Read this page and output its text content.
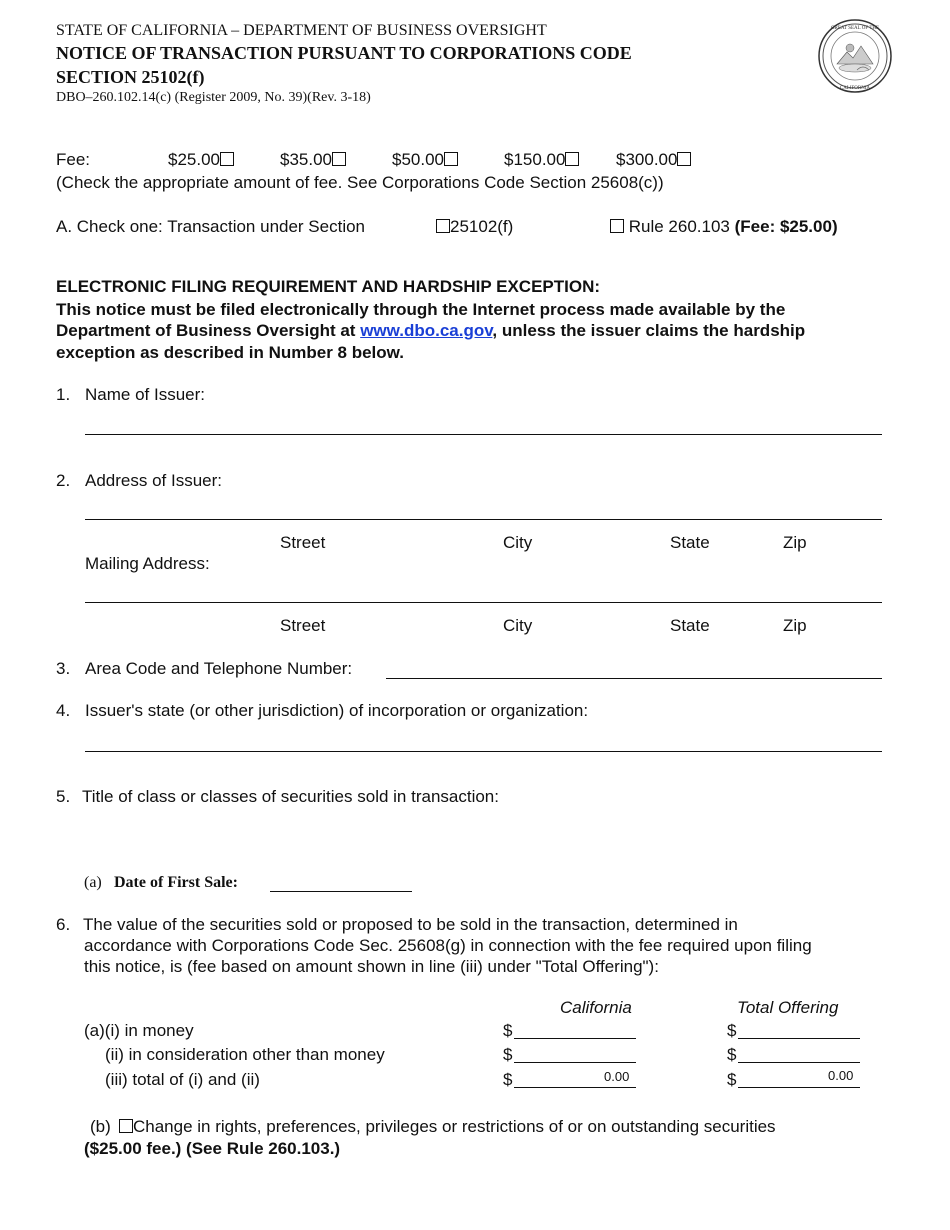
STATE OF CALIFORNIA – DEPARTMENT OF BUSINESS OVERSIGHT
NOTICE OF TRANSACTION PURSUANT TO CORPORATIONS CODE
SECTION 25102(f)
DBO–260.102.14(c) (Register 2009, No. 39)(Rev. 3-18)
GREAT SEAL OF THE
CALIFORNIA
Fee:	$25.00	$35.00	$50.00	$150.00	$300.00
(Check the appropriate amount of fee. See Corporations Code Section 25608(c))
A. Check one: Transaction under Section	25102(f)	Rule 260.103 (Fee: $25.00)
ELECTRONIC FILING REQUIREMENT AND HARDSHIP EXCEPTION:
This notice must be filed electronically through the Internet process made available by the
Department of Business Oversight at www.dbo.ca.gov, unless the issuer claims the hardship
exception as described in Number 8 below.
1. Name of Issuer:
2. Address of Issuer:
Street	City	State	Zip
Mailing Address:
Street	City	State	Zip
3. Area Code and Telephone Number:
4. Issuer's state (or other jurisdiction) of incorporation or organization:
5. Title of class or classes of securities sold in transaction:
(a) Date of First Sale:
6. The value of the securities sold or proposed to be sold in the transaction, determined in
accordance with Corporations Code Sec. 25608(g) in connection with the fee required upon filing
this notice, is (fee based on amount shown in line (iii) under "Total Offering"):
California	Total Offering
(a)(i) in money	$	$
(ii) in consideration other than money	$	$
(iii) total of (i) and (ii)	$	0.00	$	0.00
(b)	Change in rights, preferences, privileges or restrictions of or on outstanding securities
($25.00 fee.) (See Rule 260.103.)
